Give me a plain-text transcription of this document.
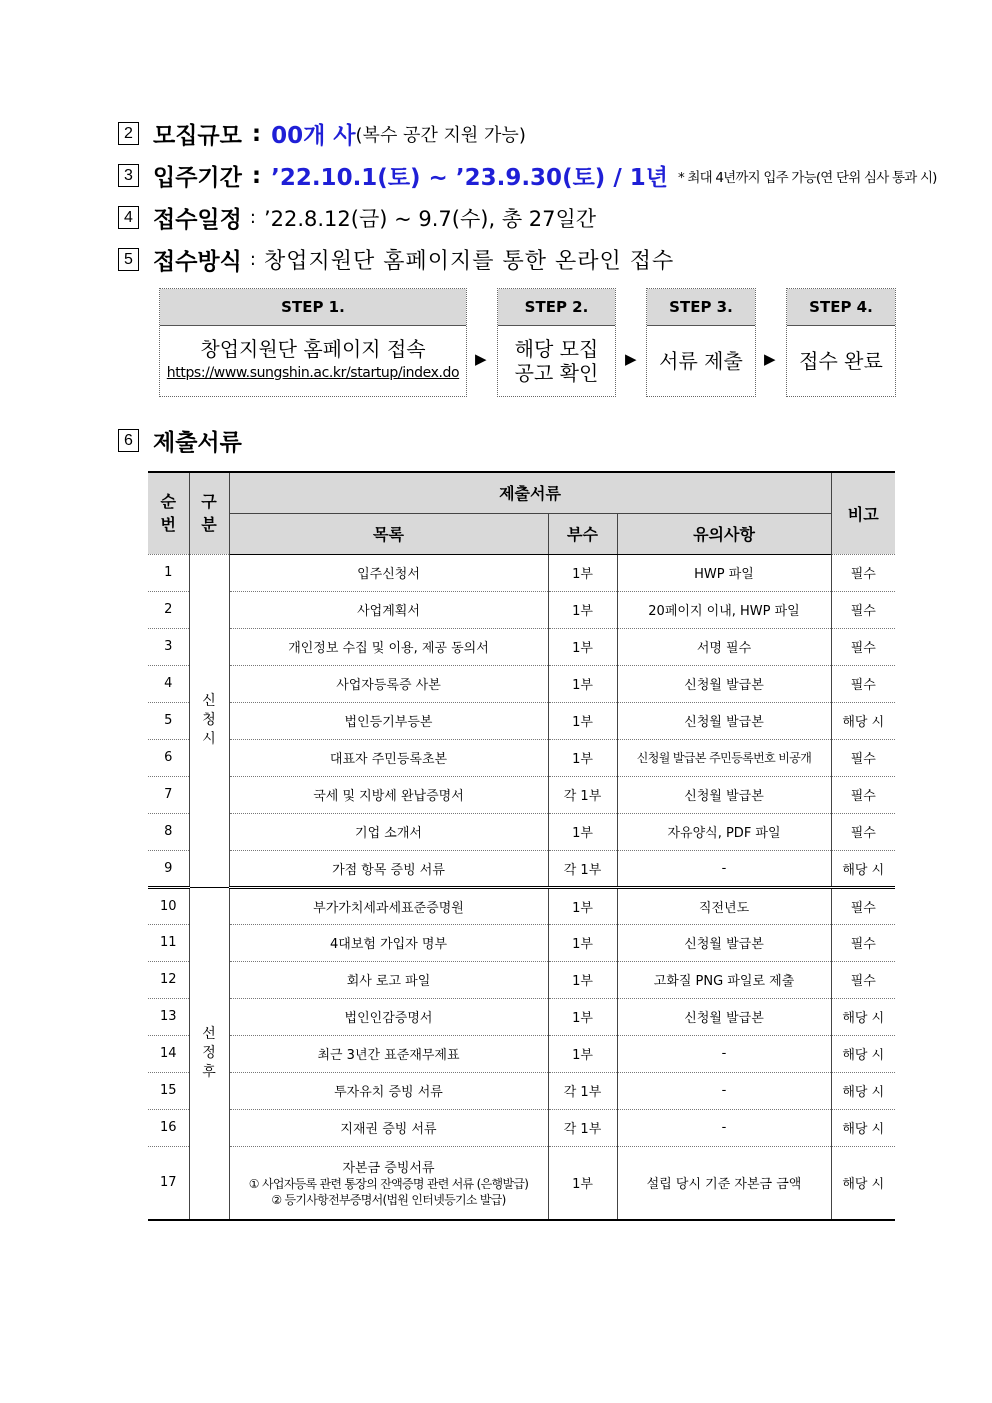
2 모집규모 : 00개 사 (복수 공간 지원 가능)
3 입주기간 : ’22.10.1(토) ~ ’23.9.30(토) / 1년 * 최대 4년까지 입주 가능(연 단위 심사 통과 시)
4 접수일정 : ’22.8.12(금) ~ 9.7(수), 총 27일간
5 접수방식 : 창업지원단 홈페이지를 통한 온라인 접수
STEP 1.
창업지원단 홈페이지 접속
https://www.sungshin.ac.kr/startup/index.do
▶
STEP 2.
해당 모집
공고 확인
▶
STEP 3.
서류 제출 ▶
STEP 4.
접수 완료
6 제출서류
순번	구분	제출서류			비고
		목록	부수	유의사항	
1	신청시	입주신청서	1부	HWP 파일	필수
2		사업계획서	1부	20페이지 이내, HWP 파일	필수
3		개인정보 수집 및 이용, 제공 동의서	1부	서명 필수	필수
4		사업자등록증 사본	1부	신청월 발급본	필수
5		법인등기부등본	1부	신청월 발급본	해당 시
6		대표자 주민등록초본	1부	신청월 발급본 주민등록번호 비공개	필수
7		국세 및 지방세 완납증명서	각 1부	신청월 발급본	필수
8		기업 소개서	1부	자유양식, PDF 파일	필수
9		가점 항목 증빙 서류	각 1부	-	해당 시
10	선정후	부가가치세과세표준증명원	1부	직전년도	필수
11		4대보험 가입자 명부	1부	신청월 발급본	필수
12		회사 로고 파일	1부	고화질 PNG 파일로 제출	필수
13		법인인감증명서	1부	신청월 발급본	해당 시
14		최근 3년간 표준재무제표	1부	-	해당 시
15		투자유치 증빙 서류	각 1부	-	해당 시
16		지재권 증빙 서류	각 1부	-	해당 시
17		자본금 증빙서류
① 사업자등록 관련 통장의 잔액증명 관련 서류 (은행발급)
② 등기사항전부증명서(법원 인터넷등기소 발급)	1부	설립 당시 기준 자본금 금액	해당 시
